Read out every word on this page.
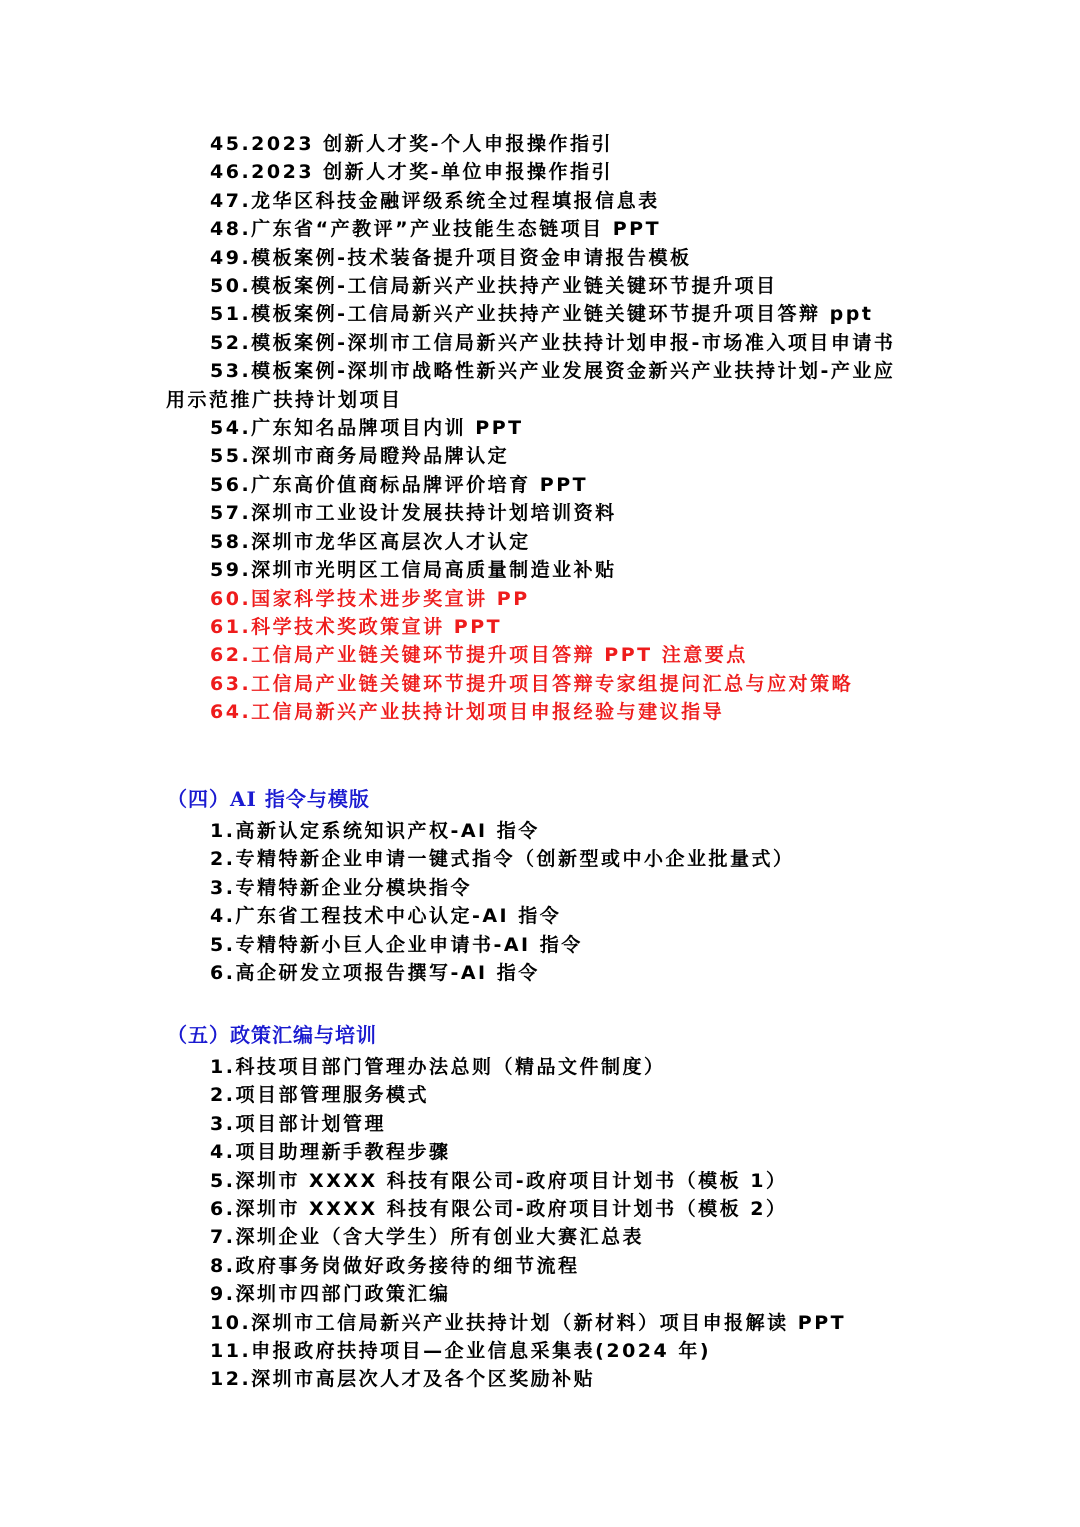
45.2023 创新人才奖-个人申报操作指引
46.2023 创新人才奖-单位申报操作指引
47.龙华区科技金融评级系统全过程填报信息表
48.广东省“产教评”产业技能生态链项目 PPT
49.模板案例-技术装备提升项目资金申请报告模板
50.模板案例-工信局新兴产业扶持产业链关键环节提升项目
51.模板案例-工信局新兴产业扶持产业链关键环节提升项目答辩 ppt
52.模板案例-深圳市工信局新兴产业扶持计划申报-市场准入项目申请书
53.模板案例-深圳市战略性新兴产业发展资金新兴产业扶持计划-产业应用示范推广扶持计划项目
54.广东知名品牌项目内训 PPT
55.深圳市商务局瞪羚品牌认定
56.广东高价值商标品牌评价培育 PPT
57.深圳市工业设计发展扶持计划培训资料
58.深圳市龙华区高层次人才认定
59.深圳市光明区工信局高质量制造业补贴
60.国家科学技术进步奖宣讲 PP
61.科学技术奖政策宣讲 PPT
62.工信局产业链关键环节提升项目答辩 PPT 注意要点
63.工信局产业链关键环节提升项目答辩专家组提问汇总与应对策略
64.工信局新兴产业扶持计划项目申报经验与建议指导
（四）AI 指令与模版
1.高新认定系统知识产权-AI 指令
2.专精特新企业申请一键式指令（创新型或中小企业批量式）
3.专精特新企业分模块指令
4.广东省工程技术中心认定-AI 指令
5.专精特新小巨人企业申请书-AI 指令
6.高企研发立项报告撰写-AI 指令
（五）政策汇编与培训
1.科技项目部门管理办法总则（精品文件制度）
2.项目部管理服务模式
3.项目部计划管理
4.项目助理新手教程步骤
5.深圳市 XXXX 科技有限公司-政府项目计划书（模板 1）
6.深圳市 XXXX 科技有限公司-政府项目计划书（模板 2）
7.深圳企业（含大学生）所有创业大赛汇总表
8.政府事务岗做好政务接待的细节流程
9.深圳市四部门政策汇编
10.深圳市工信局新兴产业扶持计划（新材料）项目申报解读 PPT
11.申报政府扶持项目—企业信息采集表(2024 年)
12.深圳市高层次人才及各个区奖励补贴
